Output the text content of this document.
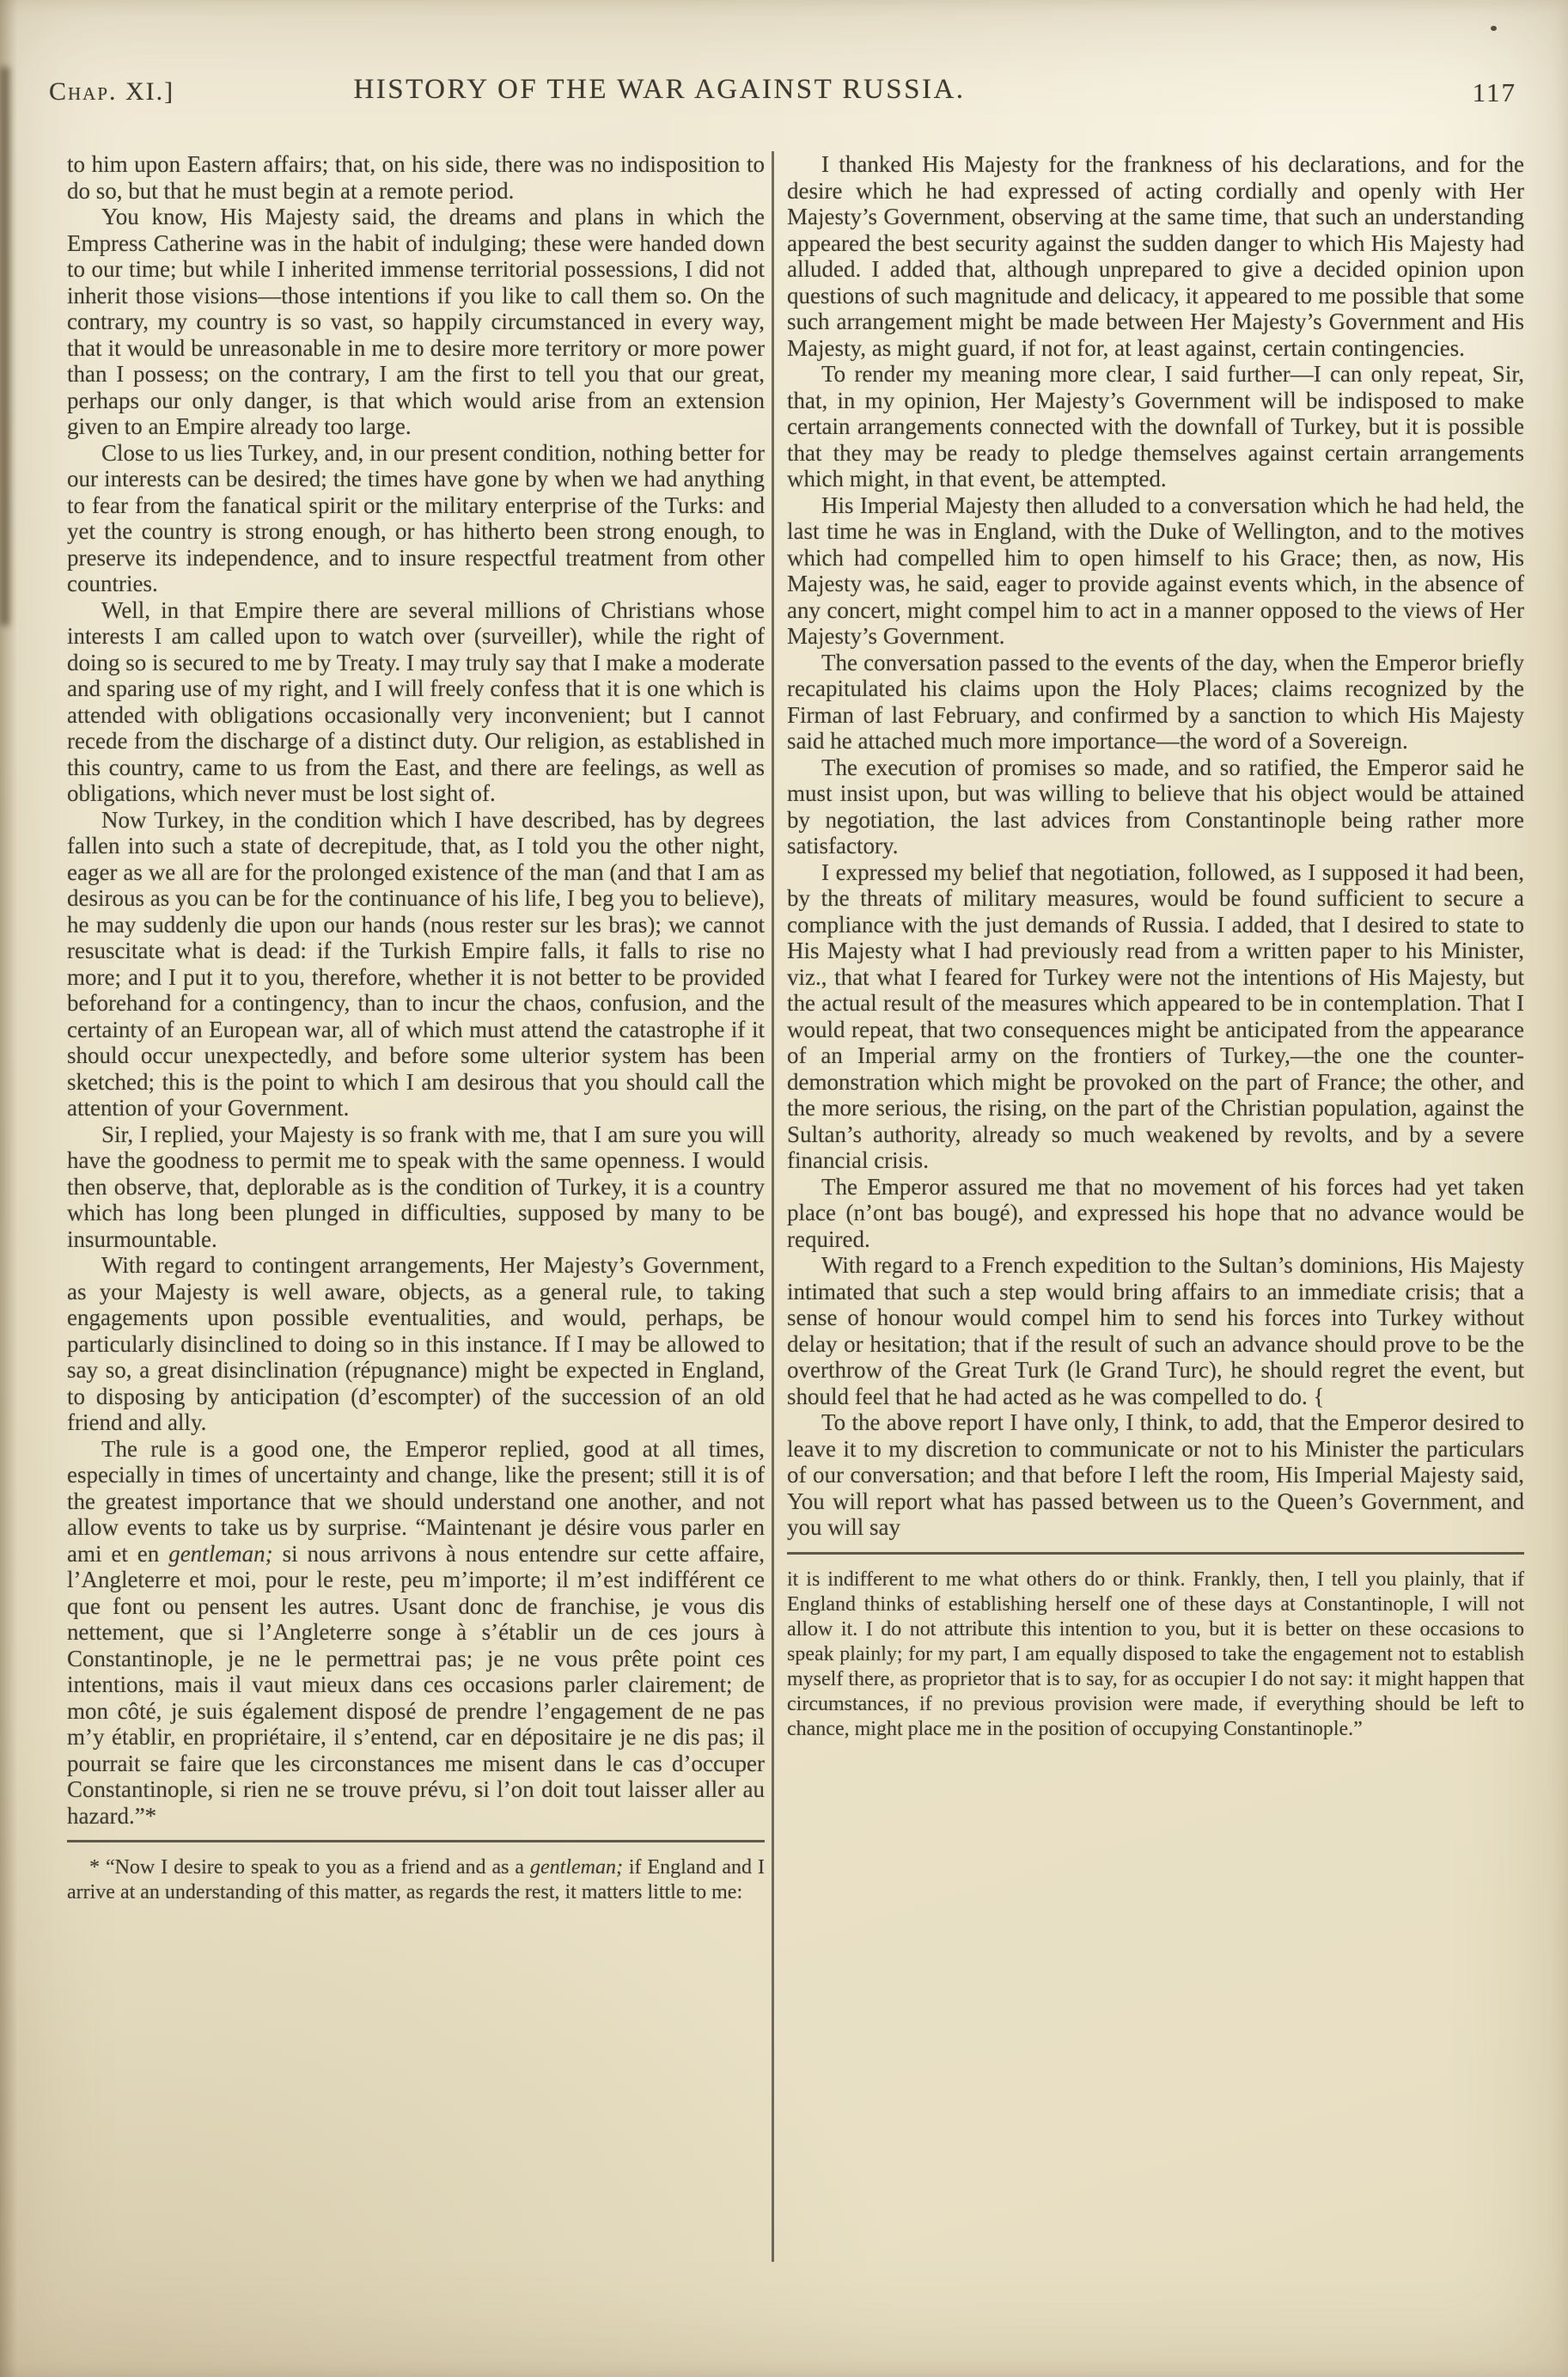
Chap. XI.]	HISTORY OF THE WAR AGAINST RUSSIA.	117

to him upon Eastern affairs; that, on his side, there was no indisposition to do so, but that he must begin at a remote period.

You know, His Majesty said, the dreams and plans in which the Empress Catherine was in the habit of indulging; these were handed down to our time; but while I inherited immense territorial possessions, I did not inherit those visions—those intentions if you like to call them so. On the contrary, my country is so vast, so happily circumstanced in every way, that it would be unreasonable in me to desire more territory or more power than I possess; on the contrary, I am the first to tell you that our great, perhaps our only danger, is that which would arise from an extension given to an Empire already too large.

Close to us lies Turkey, and, in our present condition, nothing better for our interests can be desired; the times have gone by when we had anything to fear from the fanatical spirit or the military enterprise of the Turks: and yet the country is strong enough, or has hitherto been strong enough, to preserve its independence, and to insure respectful treatment from other countries.

Well, in that Empire there are several millions of Christians whose interests I am called upon to watch over (surveiller), while the right of doing so is secured to me by Treaty. I may truly say that I make a moderate and sparing use of my right, and I will freely confess that it is one which is attended with obligations occasionally very inconvenient; but I cannot recede from the discharge of a distinct duty. Our religion, as established in this country, came to us from the East, and there are feelings, as well as obligations, which never must be lost sight of.

Now Turkey, in the condition which I have described, has by degrees fallen into such a state of decrepitude, that, as I told you the other night, eager as we all are for the prolonged existence of the man (and that I am as desirous as you can be for the continuance of his life, I beg you to believe), he may suddenly die upon our hands (nous rester sur les bras); we cannot resuscitate what is dead: if the Turkish Empire falls, it falls to rise no more; and I put it to you, therefore, whether it is not better to be provided beforehand for a contingency, than to incur the chaos, confusion, and the certainty of an European war, all of which must attend the catastrophe if it should occur unexpectedly, and before some ulterior system has been sketched; this is the point to which I am desirous that you should call the attention of your Government.

Sir, I replied, your Majesty is so frank with me, that I am sure you will have the goodness to permit me to speak with the same openness. I would then observe, that, deplorable as is the condition of Turkey, it is a country which has long been plunged in difficulties, supposed by many to be insurmountable.

With regard to contingent arrangements, Her Majesty’s Government, as your Majesty is well aware, objects, as a general rule, to taking engagements upon possible eventualities, and would, perhaps, be particularly disinclined to doing so in this instance. If I may be allowed to say so, a great disinclination (répugnance) might be expected in England, to disposing by anticipation (d’escompter) of the succession of an old friend and ally.

The rule is a good one, the Emperor replied, good at all times, especially in times of uncertainty and change, like the present; still it is of the greatest importance that we should understand one another, and not allow events to take us by surprise. “Maintenant je désire vous parler en ami et en gentleman; si nous arrivons à nous entendre sur cette affaire, l’Angleterre et moi, pour le reste, peu m’importe; il m’est indifférent ce que font ou pensent les autres. Usant donc de franchise, je vous dis nettement, que si l’Angleterre songe à s’établir un de ces jours à Constantinople, je ne le permettrai pas; je ne vous prête point ces intentions, mais il vaut mieux dans ces occasions parler clairement; de mon côté, je suis également disposé de prendre l’engagement de ne pas m’y établir, en propriétaire, il s’entend, car en dépositaire je ne dis pas; il pourrait se faire que les circonstances me misent dans le cas d’occuper Constantinople, si rien ne se trouve prévu, si l’on doit tout laisser aller au hazard.”*

* “Now I desire to speak to you as a friend and as a gentleman; if England and I arrive at an understanding of this matter, as regards the rest, it matters little to me:

I thanked His Majesty for the frankness of his declarations, and for the desire which he had expressed of acting cordially and openly with Her Majesty’s Government, observing at the same time, that such an understanding appeared the best security against the sudden danger to which His Majesty had alluded. I added that, although unprepared to give a decided opinion upon questions of such magnitude and delicacy, it appeared to me possible that some such arrangement might be made between Her Majesty’s Government and His Majesty, as might guard, if not for, at least against, certain contingencies.

To render my meaning more clear, I said further—I can only repeat, Sir, that, in my opinion, Her Majesty’s Government will be indisposed to make certain arrangements connected with the downfall of Turkey, but it is possible that they may be ready to pledge themselves against certain arrangements which might, in that event, be attempted.

His Imperial Majesty then alluded to a conversation which he had held, the last time he was in England, with the Duke of Wellington, and to the motives which had compelled him to open himself to his Grace; then, as now, His Majesty was, he said, eager to provide against events which, in the absence of any concert, might compel him to act in a manner opposed to the views of Her Majesty’s Government.

The conversation passed to the events of the day, when the Emperor briefly recapitulated his claims upon the Holy Places; claims recognized by the Firman of last February, and confirmed by a sanction to which His Majesty said he attached much more importance—the word of a Sovereign.

The execution of promises so made, and so ratified, the Emperor said he must insist upon, but was willing to believe that his object would be attained by negotiation, the last advices from Constantinople being rather more satisfactory.

I expressed my belief that negotiation, followed, as I supposed it had been, by the threats of military measures, would be found sufficient to secure a compliance with the just demands of Russia. I added, that I desired to state to His Majesty what I had previously read from a written paper to his Minister, viz., that what I feared for Turkey were not the intentions of His Majesty, but the actual result of the measures which appeared to be in contemplation. That I would repeat, that two consequences might be anticipated from the appearance of an Imperial army on the frontiers of Turkey,—the one the counter-demonstration which might be provoked on the part of France; the other, and the more serious, the rising, on the part of the Christian population, against the Sultan’s authority, already so much weakened by revolts, and by a severe financial crisis.

The Emperor assured me that no movement of his forces had yet taken place (n’ont bas bougé), and expressed his hope that no advance would be required.

With regard to a French expedition to the Sultan’s dominions, His Majesty intimated that such a step would bring affairs to an immediate crisis; that a sense of honour would compel him to send his forces into Turkey without delay or hesitation; that if the result of such an advance should prove to be the overthrow of the Great Turk (le Grand Turc), he should regret the event, but should feel that he had acted as he was compelled to do. {

To the above report I have only, I think, to add, that the Emperor desired to leave it to my discretion to communicate or not to his Minister the particulars of our conversation; and that before I left the room, His Imperial Majesty said, You will report what has passed between us to the Queen’s Government, and you will say

it is indifferent to me what others do or think. Frankly, then, I tell you plainly, that if England thinks of establishing herself one of these days at Constantinople, I will not allow it. I do not attribute this intention to you, but it is better on these occasions to speak plainly; for my part, I am equally disposed to take the engagement not to establish myself there, as proprietor that is to say, for as occupier I do not say: it might happen that circumstances, if no previous provision were made, if everything should be left to chance, might place me in the position of occupying Constantinople.”
